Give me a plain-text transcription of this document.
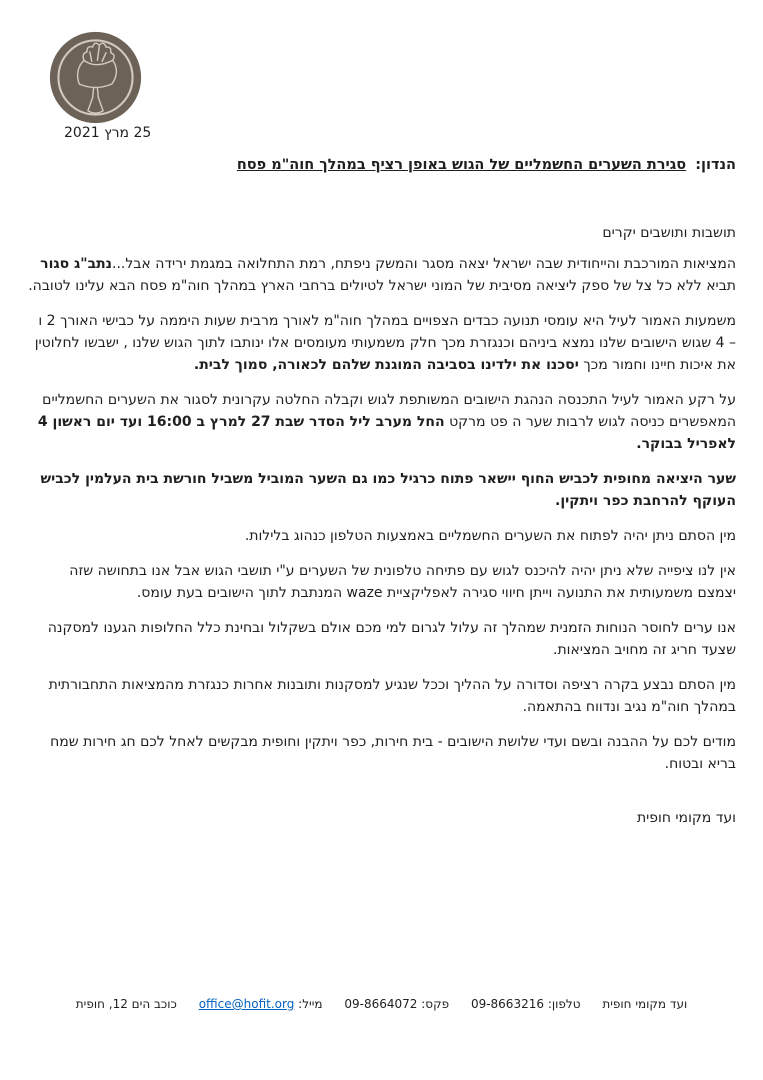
25 מרץ 2021
הנדון: סגירת השערים החשמליים של הגוש באופן רציף במהלך חוה"מ פסח
תושבות ותושבים יקרים

המציאות המורכבת והייחודית שבה ישראל יצאה מסגר והמשק ניפתח, רמת התחלואה במגמת ירידה אבל...נתב"ג סגור תביא ללא כל צל של ספק ליציאה מסיבית של המוני ישראל לטיולים ברחבי הארץ במהלך חוה"מ פסח הבא עלינו לטובה.

משמעות האמור לעיל היא עומסי תנועה כבדים הצפויים במהלך חוה"מ לאורך מרבית שעות היממה על כבישי האורך 2 ו – 4 שגוש הישובים שלנו נמצא ביניהם וכנגזרת מכך חלק משמעותי מעומסים אלו ינותבו לתוך הגוש שלנו , ישבשו לחלוטין את איכות חיינו וחמור מכך יסכנו את ילדינו בסביבה המוגנת שלהם לכאורה, סמוך לבית.

על רקע האמור לעיל התכנסה הנהגת הישובים המשותפת לגוש וקבלה החלטה עקרונית לסגור את השערים החשמליים המאפשרים כניסה לגוש לרבות שער ה פט מרקט החל מערב ליל הסדר שבת 27 למרץ ב 16:00 ועד יום ראשון 4 לאפריל בבוקר.

שער היציאה מחופית לכביש החוף יישאר פתוח כרגיל כמו גם השער המוביל משביל חורשת בית העלמין לכביש העוקף להרחבת כפר ויתקין.

מין הסתם ניתן יהיה לפתוח את השערים החשמליים באמצעות הטלפון כנהוג בלילות.

אין לנו ציפייה שלא ניתן יהיה להיכנס לגוש עם פתיחה טלפונית של השערים ע"י תושבי הגוש אבל אנו בתחושה שזה יצמצם משמעותית את התנועה וייתן חיווי סגירה לאפליקציית waze המנתבת לתוך הישובים בעת עומס.

אנו ערים לחוסר הנוחות הזמנית שמהלך זה עלול לגרום למי מכם אולם בשקלול ובחינת כלל החלופות הגענו למסקנה שצעד חריג זה מחויב המציאות.

מין הסתם נבצע בקרה רציפה וסדורה על ההליך וככל שנגיע למסקנות ותובנות אחרות כנגזרת מהמציאות התחבורתית במהלך חוה"מ נגיב ונדווח בהתאמה.

מודים לכם על ההבנה ובשם ועדי שלושת הישובים - בית חירות, כפר ויתקין וחופית מבקשים לאחל לכם חג חירות שמח בריא ובטוח.

ועד מקומי חופית
ועד מקומי חופית טלפון: 09-8663216 פקס: 09-8664072 מייל: office@hofit.org כוכב הים 12, חופית
